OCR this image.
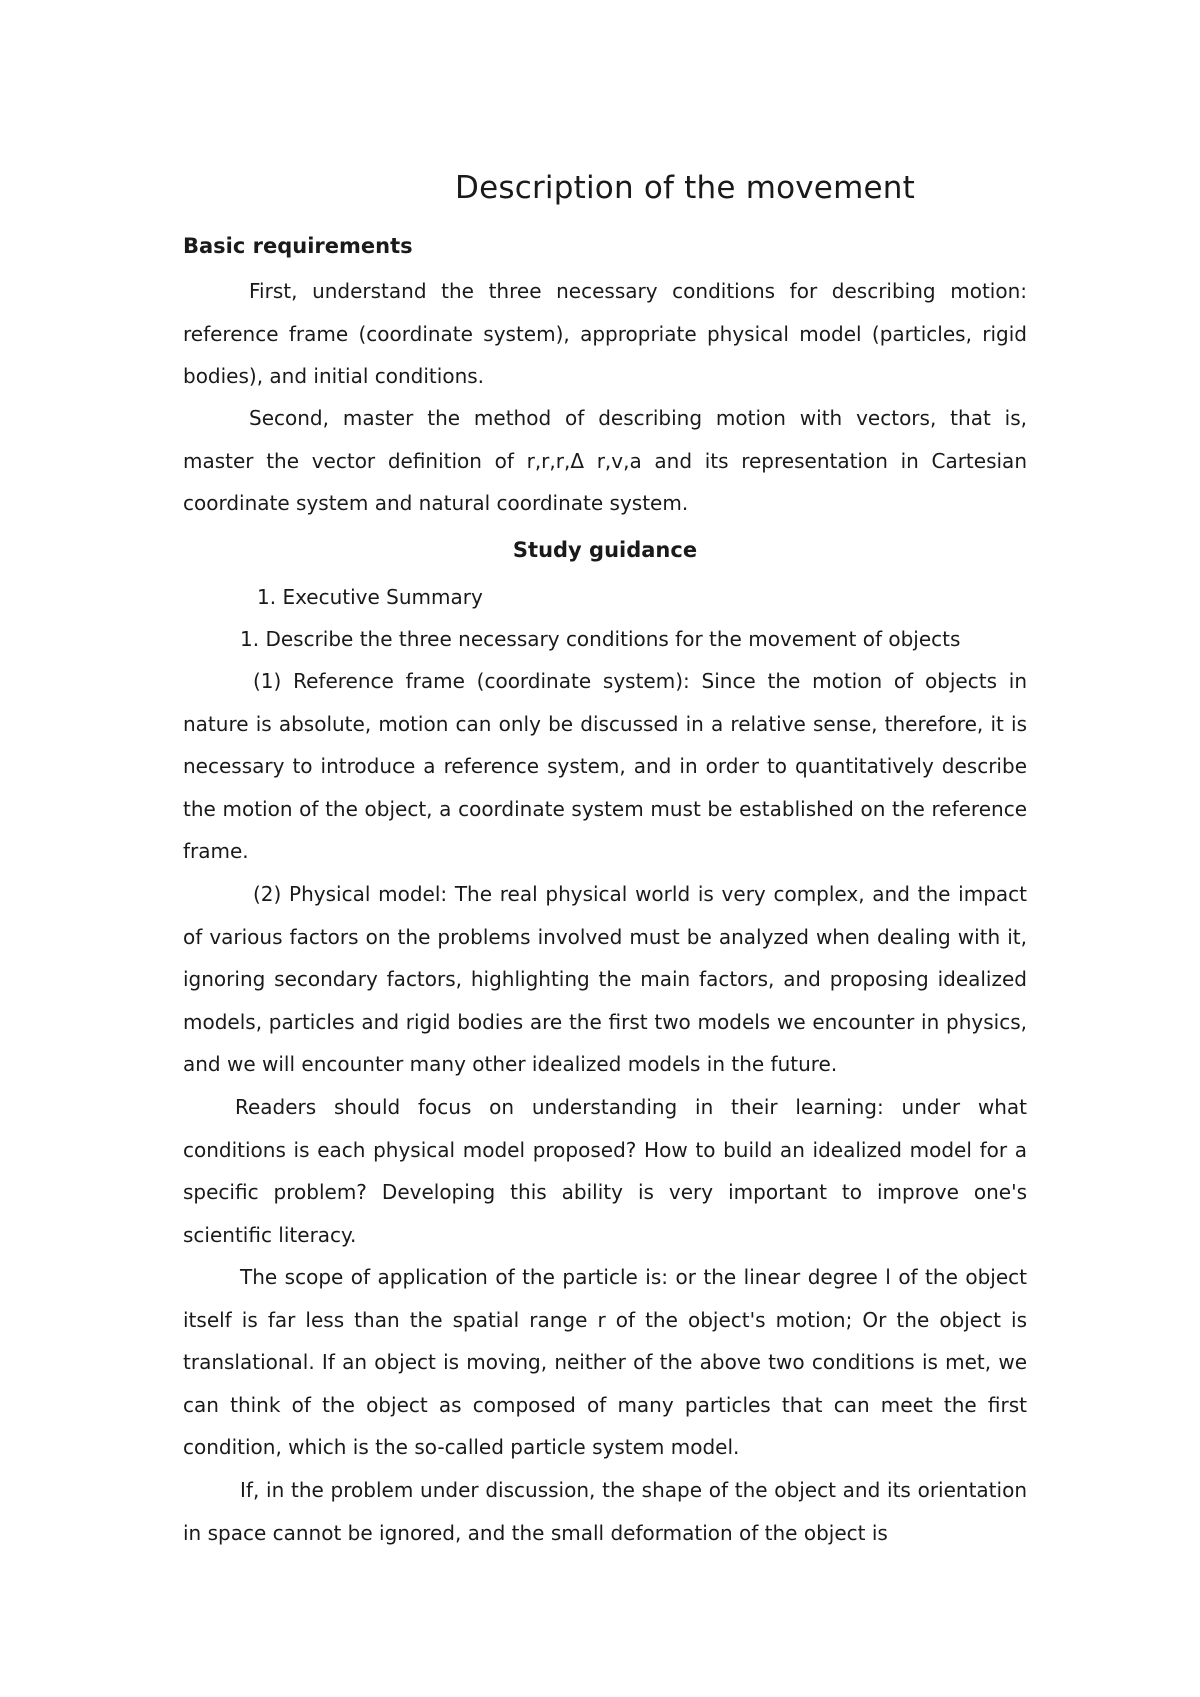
Description of the movement
Basic requirements

First, understand the three necessary conditions for describing motion: reference frame (coordinate system), appropriate physical model (particles, rigid bodies), and initial conditions.

Second, master the method of describing motion with vectors, that is, master the vector definition of r,r,r,Δ r,v,a and its representation in Cartesian coordinate system and natural coordinate system.

Study guidance

1. Executive Summary

1. Describe the three necessary conditions for the movement of objects

(1) Reference frame (coordinate system): Since the motion of objects in nature is absolute, motion can only be discussed in a relative sense, therefore, it is necessary to introduce a reference system, and in order to quantitatively describe the motion of the object, a coordinate system must be established on the reference frame.

(2) Physical model: The real physical world is very complex, and the impact of various factors on the problems involved must be analyzed when dealing with it, ignoring secondary factors, highlighting the main factors, and proposing idealized models, particles and rigid bodies are the first two models we encounter in physics, and we will encounter many other idealized models in the future.

Readers should focus on understanding in their learning: under what conditions is each physical model proposed? How to build an idealized model for a specific problem? Developing this ability is very important to improve one's scientific literacy.

The scope of application of the particle is: or the linear degree l of the object itself is far less than the spatial range r of the object's motion; Or the object is translational. If an object is moving, neither of the above two conditions is met, we can think of the object as composed of many particles that can meet the first condition, which is the so-called particle system model.

If, in the problem under discussion, the shape of the object and its orientation in space cannot be ignored, and the small deformation of the object is
